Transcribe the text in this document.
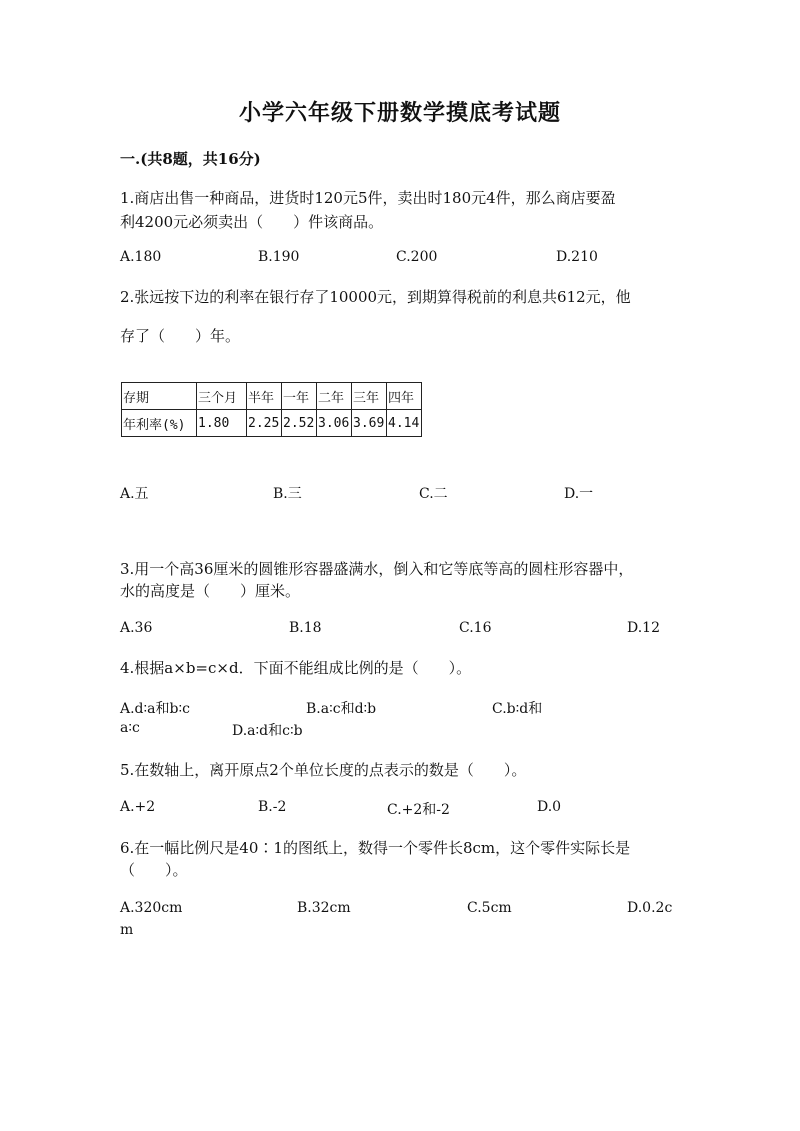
小学六年级下册数学摸底考试题
一.(共8题，共16分)
1.商店出售一种商品，进货时120元5件，卖出时180元4件，那么商店要盈
利4200元必须卖出（　　）件该商品。
A.180	B.190	C.200	D.210
2.张远按下边的利率在银行存了10000元，到期算得税前的利息共612元，他
存了（　　）年。
存期	三个月	半年	一年	二年	三年	四年
年利率(%)	1.80	2.25	2.52	3.06	3.69	4.14
A.五	B.三	C.二	D.一
3.用一个高36厘米的圆锥形容器盛满水，倒入和它等底等高的圆柱形容器中，
水的高度是（　　）厘米。
A.36	B.18	C.16	D.12
4.根据a×b=c×d．下面不能组成比例的是（　　）。
A.d∶a和b∶c	B.a∶c和d∶b	C.b∶d和
a∶c	D.a∶d和c∶b
5.在数轴上，离开原点2个单位长度的点表示的数是（　　）。
A.+2	B.-2	C.+2和-2	D.0
6.在一幅比例尺是40∶1的图纸上，数得一个零件长8cm，这个零件实际长是
（　　）。
A.320cm	B.32cm	C.5cm	D.0.2c
m
